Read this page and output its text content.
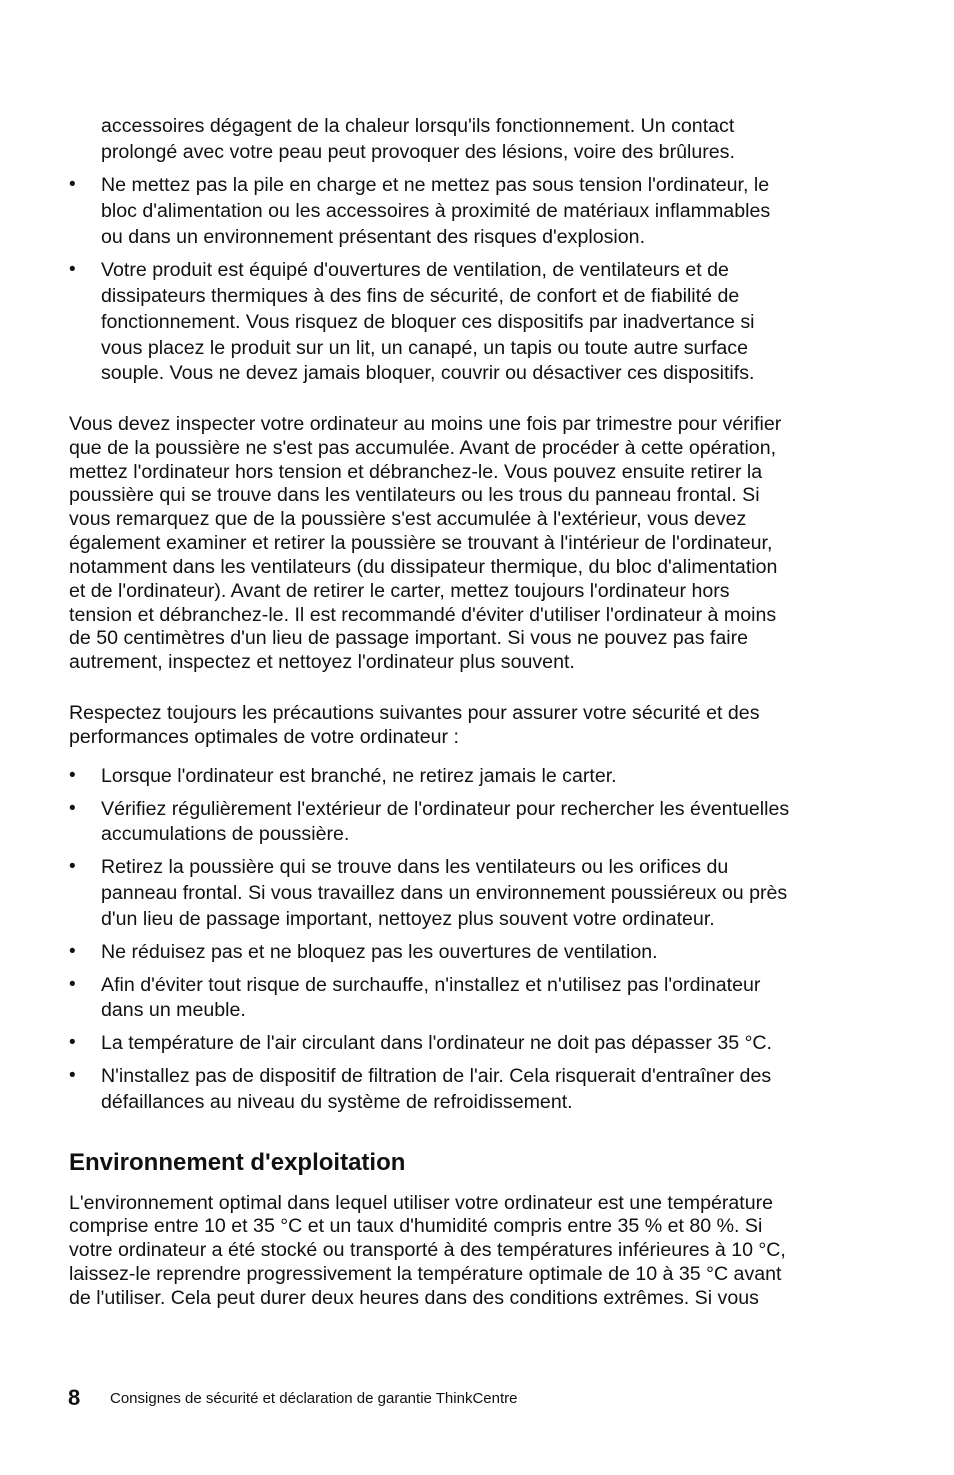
accessoires dégagent de la chaleur lorsqu'ils fonctionnement. Un contact
prolongé avec votre peau peut provoquer des lésions, voire des brûlures.
• Ne mettez pas la pile en charge et ne mettez pas sous tension l'ordinateur, le
bloc d'alimentation ou les accessoires à proximité de matériaux inflammables
ou dans un environnement présentant des risques d'explosion.
• Votre produit est équipé d'ouvertures de ventilation, de ventilateurs et de
dissipateurs thermiques à des fins de sécurité, de confort et de fiabilité de
fonctionnement. Vous risquez de bloquer ces dispositifs par inadvertance si
vous placez le produit sur un lit, un canapé, un tapis ou toute autre surface
souple. Vous ne devez jamais bloquer, couvrir ou désactiver ces dispositifs.
Vous devez inspecter votre ordinateur au moins une fois par trimestre pour vérifier
que de la poussière ne s'est pas accumulée. Avant de procéder à cette opération,
mettez l'ordinateur hors tension et débranchez-le. Vous pouvez ensuite retirer la
poussière qui se trouve dans les ventilateurs ou les trous du panneau frontal. Si
vous remarquez que de la poussière s'est accumulée à l'extérieur, vous devez
également examiner et retirer la poussière se trouvant à l'intérieur de l'ordinateur,
notamment dans les ventilateurs (du dissipateur thermique, du bloc d'alimentation
et de l'ordinateur). Avant de retirer le carter, mettez toujours l'ordinateur hors
tension et débranchez-le. Il est recommandé d'éviter d'utiliser l'ordinateur à moins
de 50 centimètres d'un lieu de passage important. Si vous ne pouvez pas faire
autrement, inspectez et nettoyez l'ordinateur plus souvent.
Respectez toujours les précautions suivantes pour assurer votre sécurité et des
performances optimales de votre ordinateur :
• Lorsque l'ordinateur est branché, ne retirez jamais le carter.
• Vérifiez régulièrement l'extérieur de l'ordinateur pour rechercher les éventuelles
accumulations de poussière.
• Retirez la poussière qui se trouve dans les ventilateurs ou les orifices du
panneau frontal. Si vous travaillez dans un environnement poussiéreux ou près
d'un lieu de passage important, nettoyez plus souvent votre ordinateur.
• Ne réduisez pas et ne bloquez pas les ouvertures de ventilation.
• Afin d'éviter tout risque de surchauffe, n'installez et n'utilisez pas l'ordinateur
dans un meuble.
• La température de l'air circulant dans l'ordinateur ne doit pas dépasser 35 °C.
• N'installez pas de dispositif de filtration de l'air. Cela risquerait d'entraîner des
défaillances au niveau du système de refroidissement.
Environnement d'exploitation
L'environnement optimal dans lequel utiliser votre ordinateur est une température
comprise entre 10 et 35 °C et un taux d'humidité compris entre 35 % et 80 %. Si
votre ordinateur a été stocké ou transporté à des températures inférieures à 10 °C,
laissez-le reprendre progressivement la température optimale de 10 à 35 °C avant
de l'utiliser. Cela peut durer deux heures dans des conditions extrêmes. Si vous
8 Consignes de sécurité et déclaration de garantie ThinkCentre
